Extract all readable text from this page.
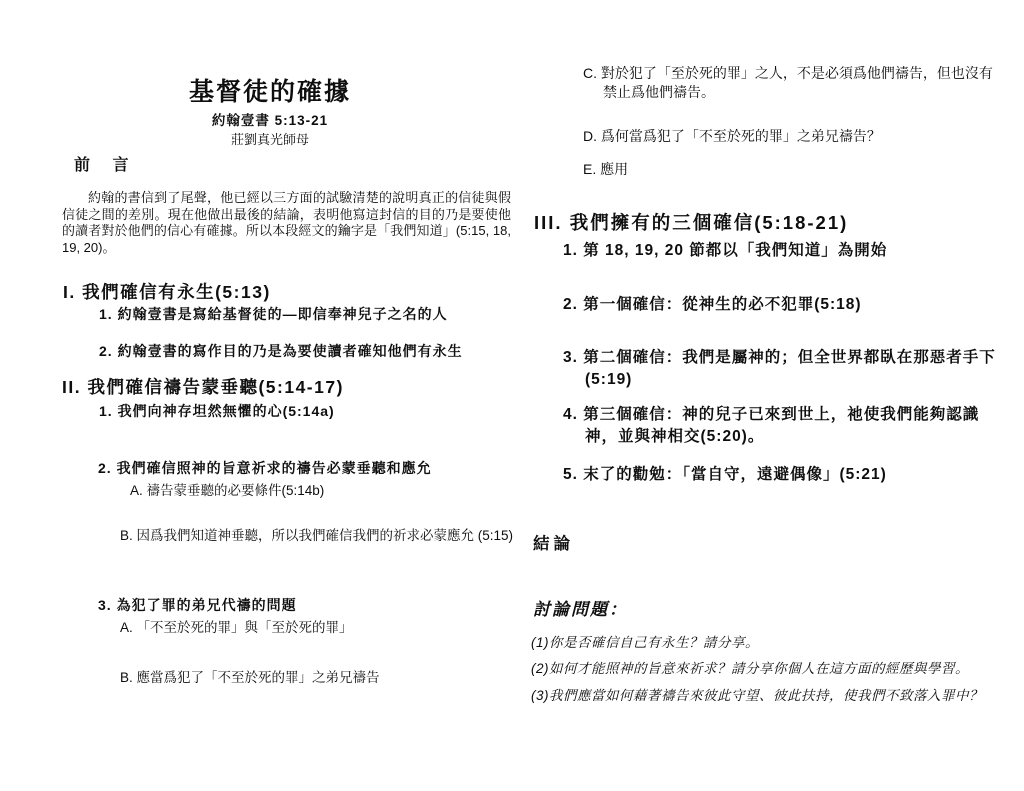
基督徒的確據
約翰壹書 5:13-21
莊劉真光師母
前 言
約翰的書信到了尾聲，他已經以三方面的試驗清楚的說明真正的信徒與假信徒之間的差別。現在他做出最後的結論，表明他寫這封信的目的乃是要使他的讀者對於他們的信心有確據。所以本段經文的鑰字是「我們知道」(5:15, 18, 19, 20)。
I. 我們確信有永生(5:13)
1. 約翰壹書是寫給基督徒的—即信奉神兒子之名的人
2. 約翰壹書的寫作目的乃是為要使讀者確知他們有永生
II. 我們確信禱告蒙垂聽(5:14-17)
1. 我們向神存坦然無懼的心(5:14a)
2. 我們確信照神的旨意祈求的禱告必蒙垂聽和應允
A. 禱告蒙垂聽的必要條件(5:14b)
B. 因爲我們知道神垂聽，所以我們確信我們的祈求必蒙應允 (5:15)
3. 為犯了罪的弟兄代禱的問題
A. 「不至於死的罪」與「至於死的罪」
B. 應當爲犯了「不至於死的罪」之弟兄禱告
C. 對於犯了「至於死的罪」之人，不是必須爲他們禱告，但也沒有禁止爲他們禱告。
D. 爲何當爲犯了「不至於死的罪」之弟兄禱告？
E. 應用
III. 我們擁有的三個確信(5:18-21)
1. 第 18, 19, 20 節都以「我們知道」為開始
2. 第一個確信：從神生的必不犯罪(5:18)
3. 第二個確信：我們是屬神的；但全世界都臥在那惡者手下(5:19)
4. 第三個確信：神的兒子已來到世上，祂使我們能夠認識神，並與神相交(5:20)。
5. 末了的勸勉：「當自守，遠避偶像」(5:21)
結論
討論問題：
(1)你是否確信自己有永生？請分享。
(2)如何才能照神的旨意來祈求？請分享你個人在這方面的經歷與學習。
(3)我們應當如何藉著禱告來彼此守望、彼此扶持，使我們不致落入罪中？
